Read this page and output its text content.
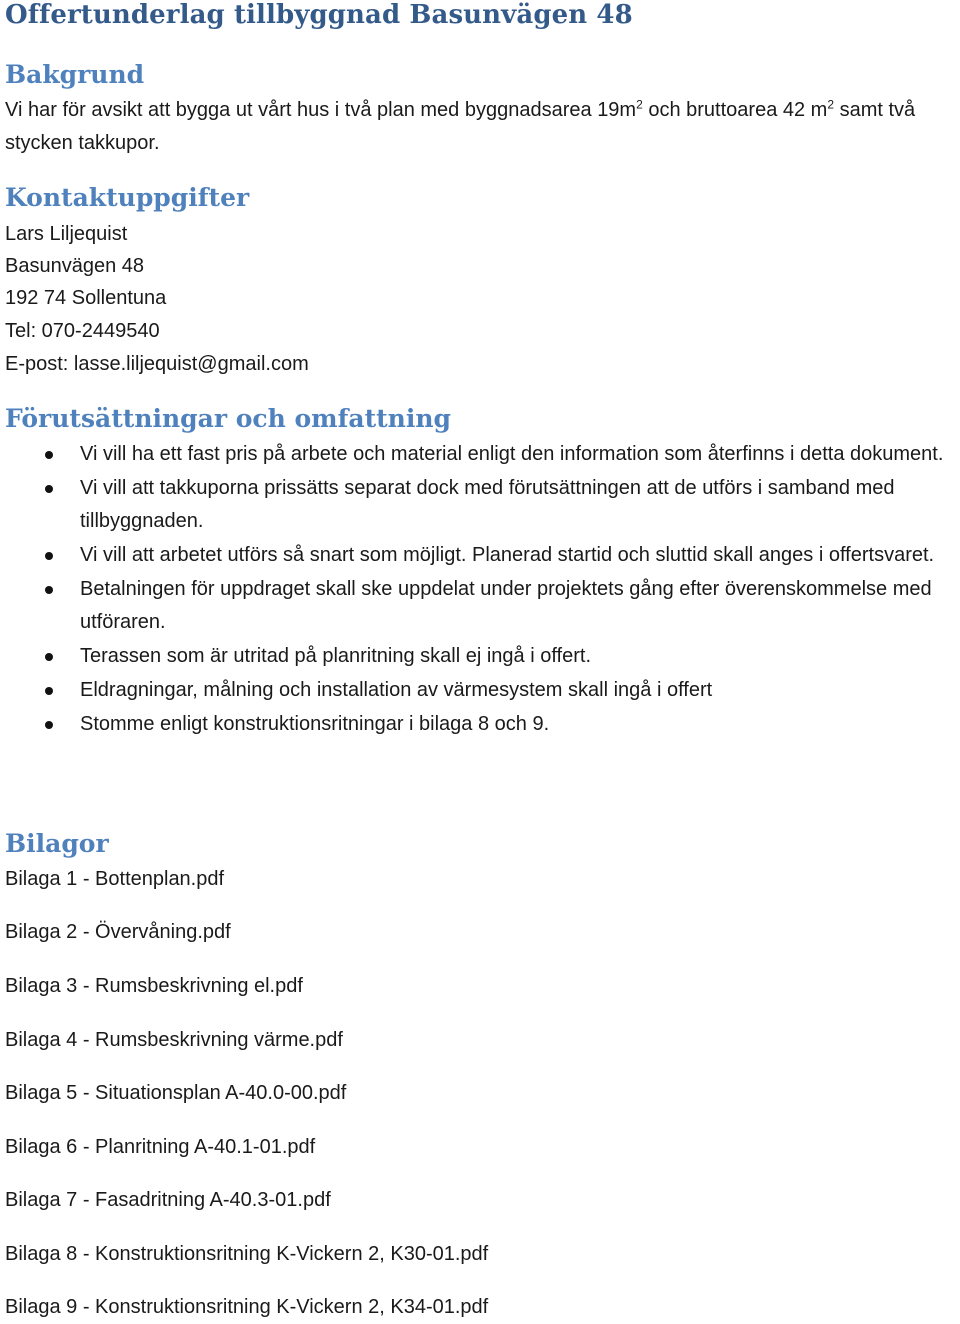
Offertunderlag tillbyggnad Basunvägen 48
Bakgrund

Vi har för avsikt att bygga ut vårt hus i två plan med byggnadsarea $19m^2$ och bruttoarea 42 $m^2$ samt två stycken takkupor.

Kontaktuppgifter

Lars Liljequist

Basunvägen 48

192 74 Sollentuna

Tel: 070-2449540

E-post: lasse.liljequist@gmail.com

Förutsättningar och omfattning
Vi vill ha ett fast pris på arbete och material enligt den information som återfinns i detta dokument.
Vi vill att takkuporna prissätts separat dock med förutsättningen att de utförs i samband med tillbyggnaden.
Vi vill att arbetet utförs så snart som möjligt. Planerad startid och sluttid skall anges i offertsvaret.
Betalningen för uppdraget skall ske uppdelat under projektets gång efter överenskommelse med utföraren.
Terassen som är utritad på planritning skall ej ingå i offert.
Eldragningar, målning och installation av värmesystem skall ingå i offert
Stomme enligt konstruktionsritningar i bilaga 8 och 9.
Bilagor

Bilaga 1 - Bottenplan.pdf

Bilaga 2 - Övervåning.pdf

Bilaga 3 - Rumsbeskrivning el.pdf

Bilaga 4 - Rumsbeskrivning värme.pdf

Bilaga 5 - Situationsplan A-40.0-00.pdf

Bilaga 6 - Planritning A-40.1-01.pdf

Bilaga 7 - Fasadritning A-40.3-01.pdf

Bilaga 8 - Konstruktionsritning K-Vickern 2, K30-01.pdf

Bilaga 9 - Konstruktionsritning K-Vickern 2, K34-01.pdf
